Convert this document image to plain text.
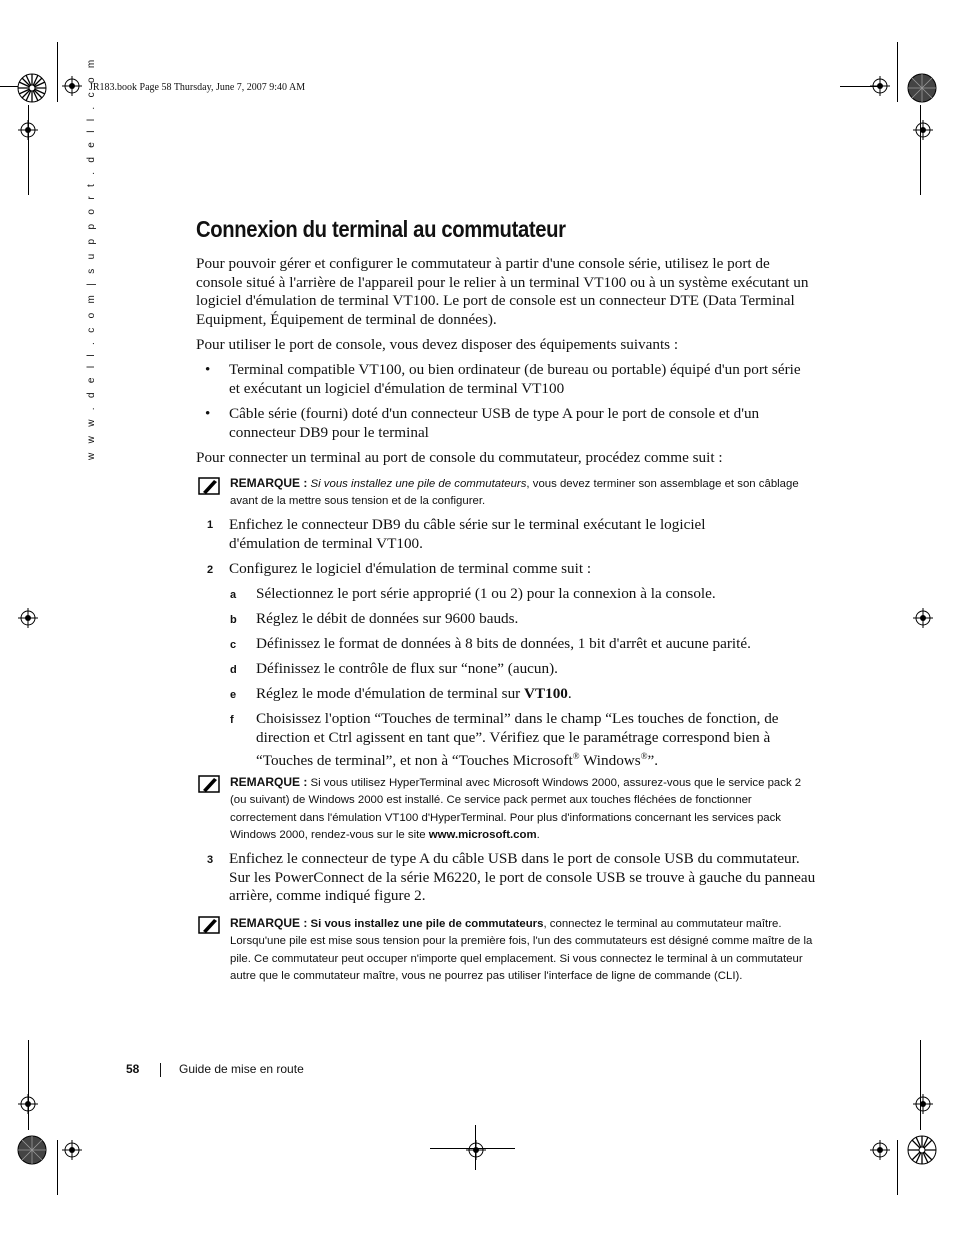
JR183.book Page 58 Thursday, June 7, 2007 9:40 AM
w w w . d e l l . c o m | s u p p o r t . d e l l . c o m	Connexion du terminal au commutateur
Pour pouvoir gérer et configurer le commutateur à partir d'une console série, utilisez le port de console situé à l'arrière de l'appareil pour le relier à un terminal VT100 ou à un système exécutant un logiciel d'émulation de terminal VT100. Le port de console est un connecteur DTE (Data Terminal Equipment, Équipement de terminal de données).
Pour utiliser le port de console, vous devez disposer des équipements suivants :
• Terminal compatible VT100, ou bien ordinateur (de bureau ou portable) équipé d'un port série et exécutant un logiciel d'émulation de terminal VT100
• Câble série (fourni) doté d'un connecteur USB de type A pour le port de console et d'un connecteur DB9 pour le terminal
Pour connecter un terminal au port de console du commutateur, procédez comme suit :
REMARQUE : Si vous installez une pile de commutateurs, vous devez terminer son assemblage et son câblage avant de la mettre sous tension et de la configurer.
1 Enfichez le connecteur DB9 du câble série sur le terminal exécutant le logiciel d'émulation de terminal VT100.
2 Configurez le logiciel d'émulation de terminal comme suit :
a Sélectionnez le port série approprié (1 ou 2) pour la connexion à la console.
b Réglez le débit de données sur 9600 bauds.
c Définissez le format de données à 8 bits de données, 1 bit d'arrêt et aucune parité.
d Définissez le contrôle de flux sur “none” (aucun).
e Réglez le mode d'émulation de terminal sur VT100.
f Choisissez l'option “Touches de terminal” dans le champ “Les touches de fonction, de direction et Ctrl agissent en tant que”. Vérifiez que le paramétrage correspond bien à “Touches de terminal”, et non à “Touches Microsoft® Windows®”.
REMARQUE : Si vous utilisez HyperTerminal avec Microsoft Windows 2000, assurez-vous que le service pack 2 (ou suivant) de Windows 2000 est installé. Ce service pack permet aux touches fléchées de fonctionner correctement dans l'émulation VT100 d'HyperTerminal. Pour plus d'informations concernant les services pack Windows 2000, rendez-vous sur le site www.microsoft.com.
3 Enfichez le connecteur de type A du câble USB dans le port de console USB du commutateur. Sur les PowerConnect de la série M6220, le port de console USB se trouve à gauche du panneau arrière, comme indiqué figure 2.
REMARQUE : Si vous installez une pile de commutateurs, connectez le terminal au commutateur maître. Lorsqu'une pile est mise sous tension pour la première fois, l'un des commutateurs est désigné comme maître de la pile. Ce commutateur peut occuper n'importe quel emplacement. Si vous connectez le terminal à un commutateur autre que le commutateur maître, vous ne pourrez pas utiliser l'interface de ligne de commande (CLI).
58	Guide de mise en route
